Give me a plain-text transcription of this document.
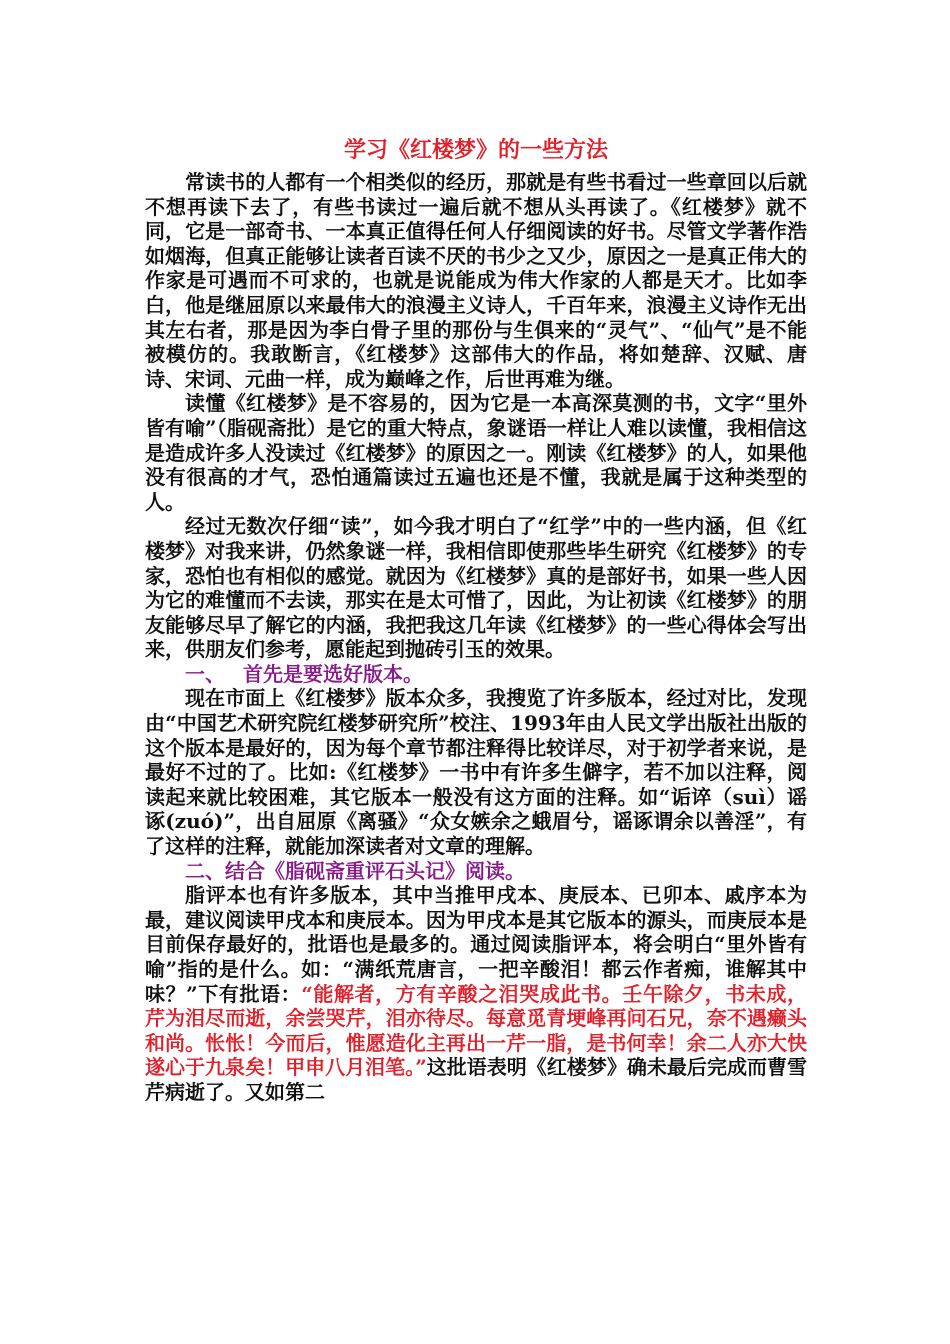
学习《红楼梦》的一些方法

常读书的人都有一个相类似的经历，那就是有些书看过一些章回以后就不想再读下去了，有些书读过一遍后就不想从头再读了。《红楼梦》就不同，它是一部奇书、一本真正值得任何人仔细阅读的好书。尽管文学著作浩如烟海，但真正能够让读者百读不厌的书少之又少，原因之一是真正伟大的作家是可遇而不可求的，也就是说能成为伟大作家的人都是天才。比如李白，他是继屈原以来最伟大的浪漫主义诗人，千百年来，浪漫主义诗作无出其左右者，那是因为李白骨子里的那份与生俱来的“灵气”、“仙气”是不能被模仿的。我敢断言，《红楼梦》这部伟大的作品，将如楚辞、汉赋、唐诗、宋词、元曲一样，成为巅峰之作，后世再难为继。

读懂《红楼梦》是不容易的，因为它是一本高深莫测的书，文字“里外皆有喻”（脂砚斋批）是它的重大特点，象谜语一样让人难以读懂，我相信这是造成许多人没读过《红楼梦》的原因之一。刚读《红楼梦》的人，如果他没有很高的才气，恐怕通篇读过五遍也还是不懂，我就是属于这种类型的人。

经过无数次仔细“读”，如今我才明白了“红学”中的一些内涵，但《红楼梦》对我来讲，仍然象谜一样，我相信即使那些毕生研究《红楼梦》的专家，恐怕也有相似的感觉。就因为《红楼梦》真的是部好书，如果一些人因为它的难懂而不去读，那实在是太可惜了，因此，为让初读《红楼梦》的朋友能够尽早了解它的内涵，我把我这几年读《红楼梦》的一些心得体会写出来，供朋友们参考，愿能起到抛砖引玉的效果。

一、 首先是要选好版本。

现在市面上《红楼梦》版本众多，我搜览了许多版本，经过对比，发现由“中国艺术研究院红楼梦研究所”校注、1993年由人民文学出版社出版的这个版本是最好的，因为每个章节都注释得比较详尽，对于初学者来说，是最好不过的了。比如:《红楼梦》一书中有许多生僻字，若不加以注释，阅读起来就比较困难，其它版本一般没有这方面的注释。如“诟谇（suì）谣诼(zuó)”，出自屈原《离骚》“众女嫉余之蛾眉兮，谣诼谓余以善淫”，有了这样的注释，就能加深读者对文章的理解。

二、结合《脂砚斋重评石头记》阅读。

脂评本也有许多版本，其中当推甲戌本、庚辰本、已卯本、戚序本为最，建议阅读甲戌本和庚辰本。因为甲戌本是其它版本的源头，而庚辰本是目前保存最好的，批语也是最多的。通过阅读脂评本，将会明白“里外皆有喻”指的是什么。如：“满纸荒唐言，一把辛酸泪！都云作者痴，谁解其中味？”下有批语：“能解者，方有辛酸之泪哭成此书。壬午除夕，书未成，芹为泪尽而逝，余尝哭芹，泪亦待尽。每意觅青埂峰再问石兄，奈不遇癞头和尚。怅怅！今而后，惟愿造化主再出一芹一脂，是书何幸！余二人亦大快遂心于九泉矣！甲申八月泪笔。”这批语表明《红楼梦》确未最后完成而曹雪芹病逝了。又如第二
